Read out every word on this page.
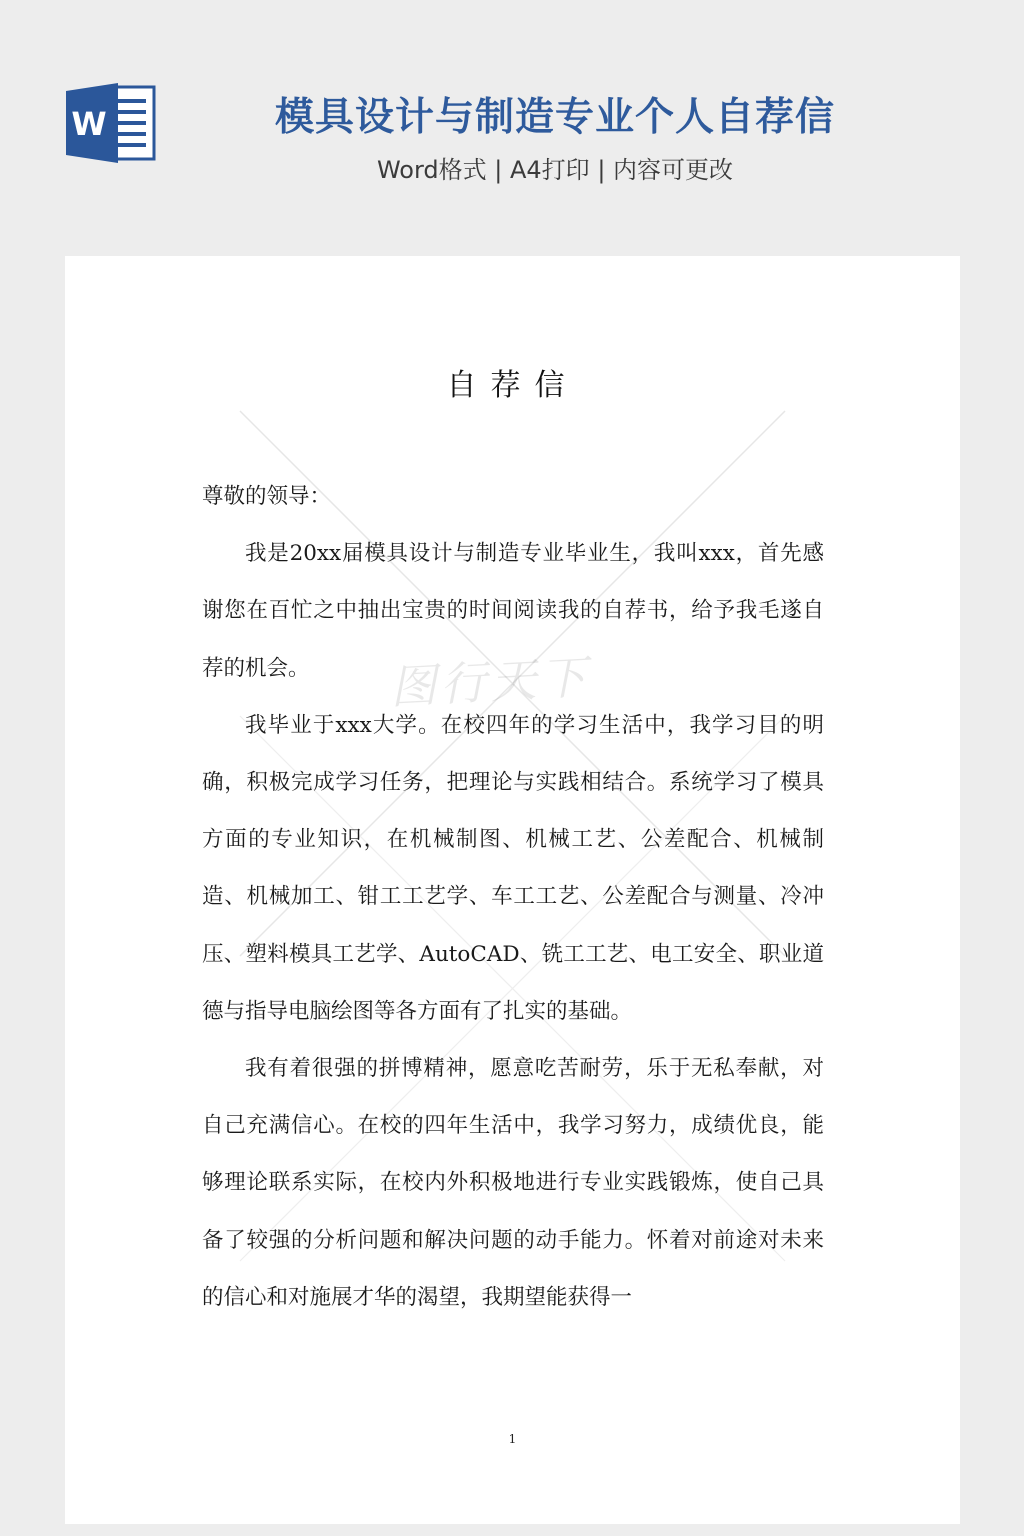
W	模具设计与制造专业个人自荐信
Word格式 | A4打印 | 内容可更改
图行天下
自荐信

尊敬的领导：

我是20xx届模具设计与制造专业毕业生，我叫xxx，首先感谢您在百忙之中抽出宝贵的时间阅读我的自荐书，给予我毛遂自荐的机会。

我毕业于xxx大学。在校四年的学习生活中，我学习目的明确，积极完成学习任务，把理论与实践相结合。系统学习了模具方面的专业知识，在机械制图、机械工艺、公差配合、机械制造、机械加工、钳工工艺学、车工工艺、公差配合与测量、冷冲压、塑料模具工艺学、AutoCAD、铣工工艺、电工安全、职业道德与指导电脑绘图等各方面有了扎实的基础。

我有着很强的拼博精神，愿意吃苦耐劳，乐于无私奉献，对自己充满信心。在校的四年生活中，我学习努力，成绩优良，能够理论联系实际，在校内外积极地进行专业实践锻炼，使自己具备了较强的分析问题和解决问题的动手能力。怀着对前途对未来的信心和对施展才华的渴望，我期望能获得一

1
